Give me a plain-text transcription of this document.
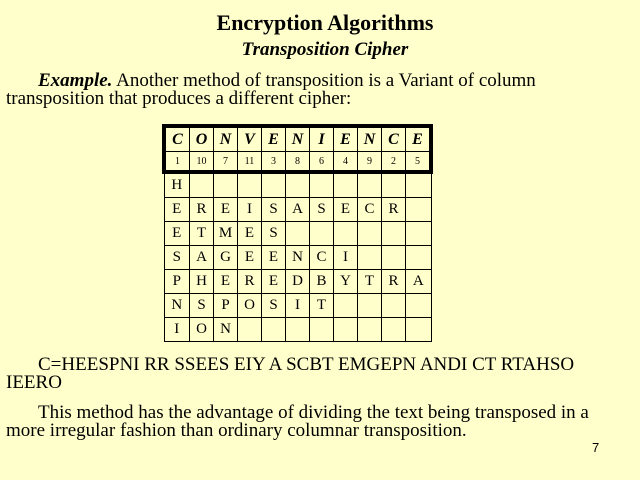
Encryption Algorithms
Transposition Cipher
Example. Another method of transposition is a Variant of column transposition that produces a different cipher:
C	O	N	V	E	N	I	E	N	C	E
1	10	7	11	3	8	6	4	9	2	5
H										
E	R	E	I	S	A	S	E	C	R	
E	T	M	E	S						
S	A	G	E	E	N	C	I			
P	H	E	R	E	D	B	Y	T	R	A
N	S	P	O	S	I	T				
I	O	N								
C=HEESPNI RR SSEES EIY A SCBT EMGEPN ANDI CT RTAHSO IEERO
This method has the advantage of dividing the text being transposed in a more irregular fashion than ordinary columnar transposition.
7
